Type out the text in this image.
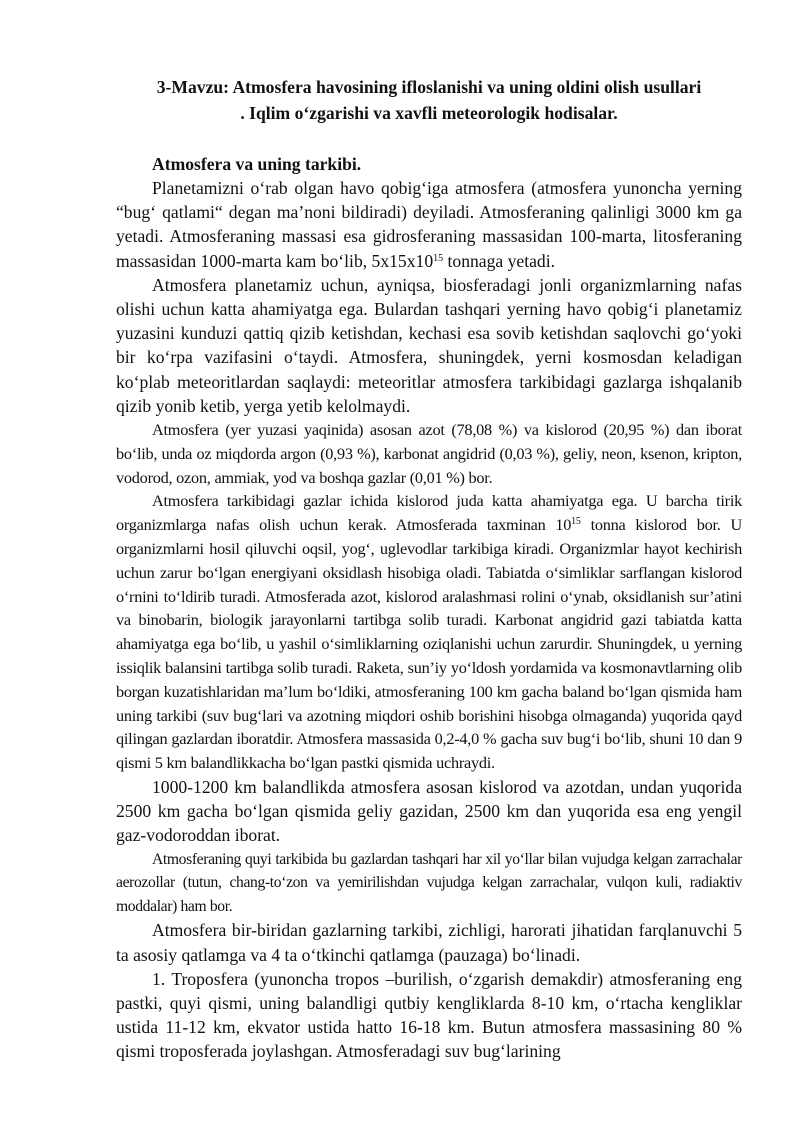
3-Mavzu: Atmosfera havosining ifloslanishi va uning oldini olish usullari
. Iqlim o‘zgarishi va xavfli meteorologik hodisalar.
Atmosfera va uning tarkibi.

Planetamizni o‘rab olgan havo qobig‘iga atmosfera (atmosfera yunoncha yerning “bug‘ qatlami“ degan ma’noni bildiradi) deyiladi. Atmosferaning qalinligi 3000 km ga yetadi. Atmosferaning massasi esa gidrosferaning massasidan 100-marta, litosferaning massasidan 1000-marta kam bo‘lib, $5x15x10^{15}$ tonnaga yetadi.

Atmosfera planetamiz uchun, ayniqsa, biosferadagi jonli organizmlarning nafas olishi uchun katta ahamiyatga ega. Bulardan tashqari yerning havo qobig‘i planetamiz yuzasini kunduzi qattiq qizib ketishdan, kechasi esa sovib ketishdan saqlovchi go‘yoki bir ko‘rpa vazifasini o‘taydi. Atmosfera, shuningdek, yerni kosmosdan keladigan ko‘plab meteoritlardan saqlaydi: meteoritlar atmosfera tarkibidagi gazlarga ishqalanib qizib yonib ketib, yerga yetib kelolmaydi.

Atmosfera (yer yuzasi yaqinida) asosan azot (78,08 %) va kislorod (20,95 %) dan iborat bo‘lib, unda oz miqdorda argon (0,93 %), karbonat angidrid (0,03 %), geliy, neon, ksenon, kripton, vodorod, ozon, ammiak, yod va boshqa gazlar (0,01 %) bor.

Atmosfera tarkibidagi gazlar ichida kislorod juda katta ahamiyatga ega. U barcha tirik organizmlarga nafas olish uchun kerak. Atmosferada taxminan $10^{15}$ tonna kislorod bor. U organizmlarni hosil qiluvchi oqsil, yog‘, uglevodlar tarkibiga kiradi. Organizmlar hayot kechirish uchun zarur bo‘lgan energiyani oksidlash hisobiga oladi. Tabiatda o‘simliklar sarflangan kislorod o‘rnini to‘ldirib turadi. Atmosferada azot, kislorod aralashmasi rolini o‘ynab, oksidlanish sur’atini va binobarin, biologik jarayonlarni tartibga solib turadi. Karbonat angidrid gazi tabiatda katta ahamiyatga ega bo‘lib, u yashil o‘simliklarning oziqlanishi uchun zarurdir. Shuningdek, u yerning issiqlik balansini tartibga solib turadi. Raketa, sun’iy yo‘ldosh yordamida va kosmonavtlarning olib borgan kuzatishlaridan ma’lum bo‘ldiki, atmosferaning 100 km gacha baland bo‘lgan qismida ham uning tarkibi (suv bug‘lari va azotning miqdori oshib borishini hisobga olmaganda) yuqorida qayd qilingan gazlardan iboratdir. Atmosfera massasida 0,2-4,0 % gacha suv bug‘i bo‘lib, shuni 10 dan 9 qismi 5 km balandlikkacha bo‘lgan pastki qismida uchraydi.

1000-1200 km balandlikda atmosfera asosan kislorod va azotdan, undan yuqorida 2500 km gacha bo‘lgan qismida geliy gazidan, 2500 km dan yuqorida esa eng yengil gaz-vodoroddan iborat.

Atmosferaning quyi tarkibida bu gazlardan tashqari har xil yo‘llar bilan vujudga kelgan zarrachalar aerozollar (tutun, chang-to‘zon va yemirilishdan vujudga kelgan zarrachalar, vulqon kuli, radiaktiv moddalar) ham bor.

Atmosfera bir-biridan gazlarning tarkibi, zichligi, harorati jihatidan farqlanuvchi 5 ta asosiy qatlamga va 4 ta o‘tkinchi qatlamga (pauzaga) bo‘linadi.

1. Troposfera (yunoncha tropos –burilish, o‘zgarish demakdir) atmosferaning eng pastki, quyi qismi, uning balandligi qutbiy kengliklarda 8-10 km, o‘rtacha kengliklar ustida 11-12 km, ekvator ustida hatto 16-18 km. Butun atmosfera massasining 80 % qismi troposferada joylashgan. Atmosferadagi suv bug‘larining
